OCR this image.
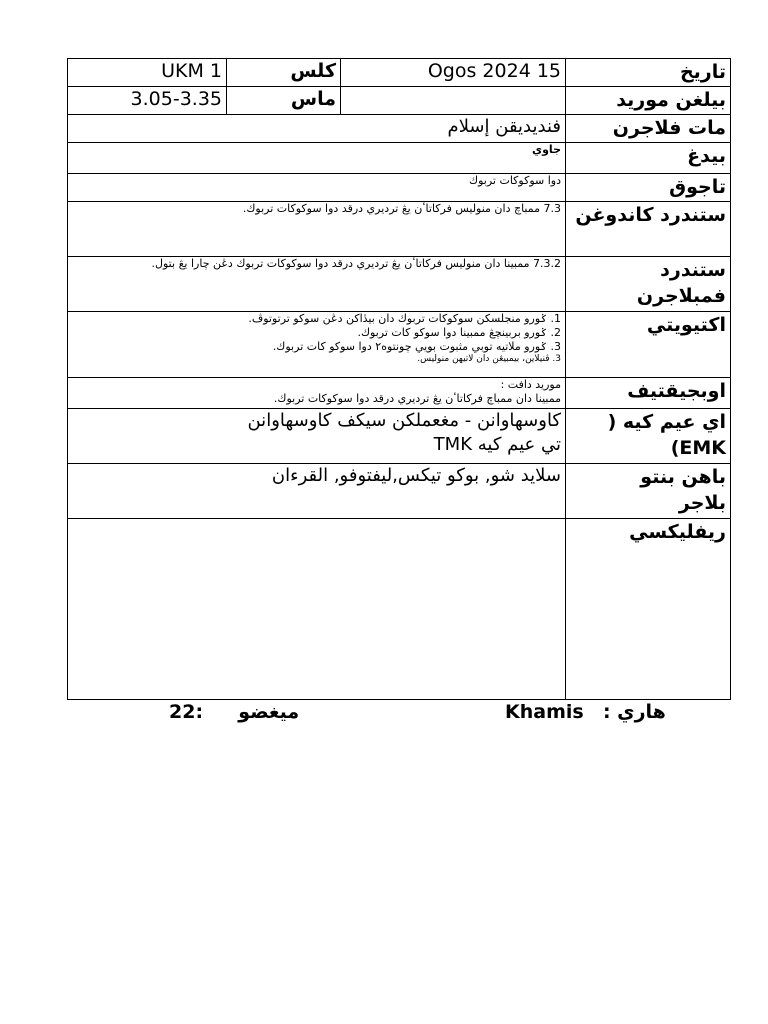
UKM 1	كلس	Ogos 2024 15	تاريخ
3.05-3.35	ماس		بيلغن موريد
فنديديقن إسلام			مات فلاجرن
جاوي			بيدغ
دوا سوكوكات تربوك			تاجوق
7.3 ممباچ دان منوليس فركاتاٴن يڠ ترديري درقد دوا سوكوكات تربوك.			ستندرد كاندوغن
7.3.2 ممبينا دان منوليس فركاتاٴن يڠ ترديري درقد دوا سوكوكات تربوك دڠن چارا يڠ بتول.			ستندرد فمبلاجرن

1. ݢورو منجلسكن سوكوكات تربوك دان بيڎاكن دڠن سوكو ترتوتوڤ.
2. ݢورو بربينچڠ ممبينا دوا سوكو كات تربوك.
3. ݢورو ملاتيه توبي مثبوت بويي چونتوه٢ دوا سوكو كات تربوك.
3. ڤنيلاين، بيمبيڠن دان لاتيهن منوليس.			اكتيويتي

موريد دافت :
ممبينا دان ممباچ فركاتاٴن يڠ ترديري درقد دوا سوكوكات تربوك.			اوبجيقتيف

كاوسهاوانن - مغعملكن سيكف كاوسهاوانن
تي عيم كيه TMK			اي عيم كيه (
EMK)

سلايد شو, بوكو تيكس,ليفتوفو, القرءان			باهن بنتو
بلاجر

			ريفليكسي
Khamis هاري :
22: ميغضو
